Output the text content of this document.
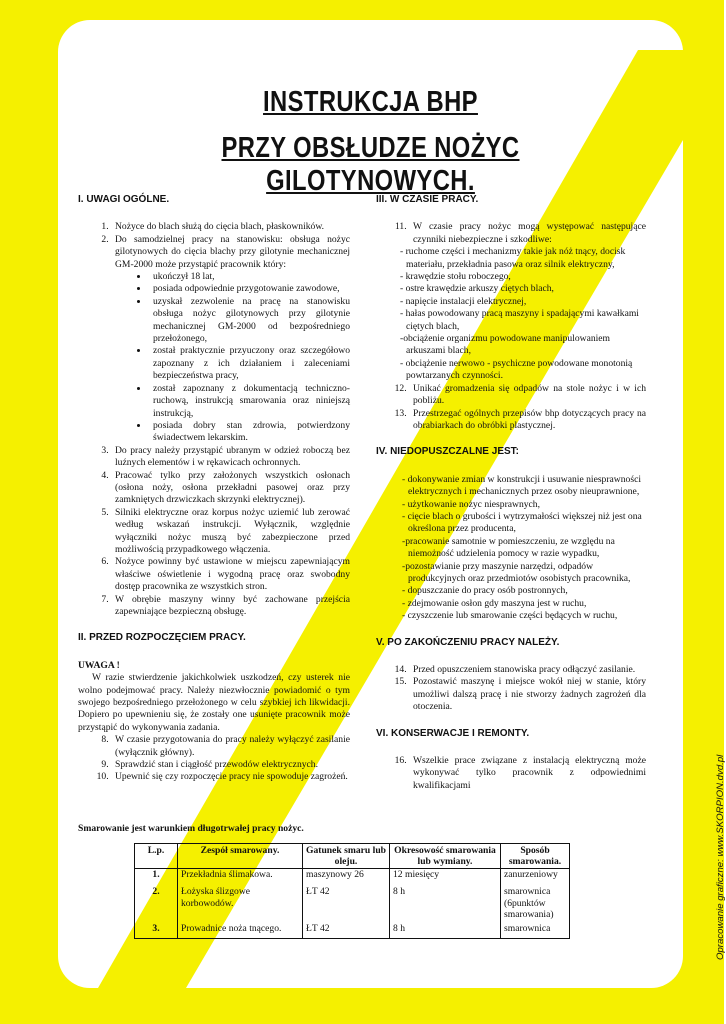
INSTRUKCJA BHP
PRZY OBSŁUDZE NOŻYC GILOTYNOWYCH.
I. UWAGI OGÓLNE.
1. Nożyce do blach służą do cięcia blach, płaskowników.
2. Do samodzielnej pracy na stanowisku: obsługa nożyc gilotynowych do cięcia blachy przy gilotynie mechanicznej GM-2000 może przystąpić pracownik który:
• ukończył 18 lat,
• posiada odpowiednie przygotowanie zawodowe,
• uzyskał zezwolenie na pracę na stanowisku obsługa nożyc gilotynowych przy gilotynie mechanicznej GM-2000 od bezpośredniego przełożonego,
• został praktycznie przyuczony oraz szczegółowo zapoznany z ich działaniem i zaleceniami bezpieczeństwa pracy,
• został zapoznany z dokumentacją techniczno-ruchową, instrukcją smarowania oraz niniejszą instrukcją,
• posiada dobry stan zdrowia, potwierdzony świadectwem lekarskim.
3. Do pracy należy przystąpić ubranym w odzież roboczą bez luźnych elementów i w rękawicach ochronnych.
4. Pracować tylko przy założonych wszystkich osłonach (osłona noży, osłona przekładni pasowej oraz przy zamkniętych drzwiczkach skrzynki elektrycznej).
5. Silniki elektryczne oraz korpus nożyc uziemić lub zerować według wskazań instrukcji. Wyłącznik, względnie wyłączniki nożyc muszą być zabezpieczone przed możliwością przypadkowego włączenia.
6. Nożyce powinny być ustawione w miejscu zapewniającym właściwe oświetlenie i wygodną pracę oraz swobodny dostęp pracownika ze wszystkich stron.
7. W obrębie maszyny winny być zachowane przejścia zapewniające bezpieczną obsługę.
II. PRZED ROZPOCZĘCIEM PRACY.
UWAGA !
W razie stwierdzenie jakichkolwiek uszkodzeń, czy usterek nie wolno podejmować pracy. Należy niezwłocznie powiadomić o tym swojego bezpośredniego przełożonego w celu szybkiej ich likwidacji. Dopiero po upewnieniu się, że zostały one usunięte pracownik może przystąpić do wykonywania zadania.
8. W czasie przygotowania do pracy należy wyłączyć zasilanie (wyłącznik główny).
9. Sprawdzić stan i ciągłość przewodów elektrycznych.
10. Upewnić się czy rozpoczęcie pracy nie spowoduje zagrożeń.
III. W CZASIE PRACY.
11. W czasie pracy nożyc mogą występować następujące czynniki niebezpieczne i szkodliwe:
- ruchome części i mechanizmy takie jak nóż tnący, docisk materiału, przekładnia pasowa oraz silnik elektryczny,
- krawędzie stołu roboczego,
- ostre krawędzie arkuszy ciętych blach,
- napięcie instalacji elektrycznej,
- hałas powodowany pracą maszyny i spadającymi kawałkami ciętych blach,
-obciążenie organizmu powodowane manipulowaniem arkuszami blach,
- obciążenie nerwowo - psychiczne powodowane monotonią powtarzanych czynności.
12. Unikać gromadzenia się odpadów na stole nożyc i w ich pobliżu.
13. Przestrzegać ogólnych przepisów bhp dotyczących pracy na obrabiarkach do obróbki plastycznej.
IV. NIEDOPUSZCZALNE JEST:
- dokonywanie zmian w konstrukcji i usuwanie niesprawności elektrycznych i mechanicznych przez osoby nieuprawnione,
- użytkowanie nożyc niesprawnych,
- cięcie blach o grubości i wytrzymałości większej niż jest ona określona przez producenta,
-pracowanie samotnie w pomieszczeniu, ze względu na niemożność udzielenia pomocy w razie wypadku,
-pozostawianie przy maszynie narzędzi, odpadów produkcyjnych oraz przedmiotów osobistych pracownika,
- dopuszczanie do pracy osób postronnych,
- zdejmowanie osłon gdy maszyna jest w ruchu,
- czyszczenie lub smarowanie części będących w ruchu,
V. PO ZAKOŃCZENIU PRACY NALEŻY.
14. Przed opuszczeniem stanowiska pracy odłączyć zasilanie.
15. Pozostawić maszynę i miejsce wokół niej w stanie, który umożliwi dalszą pracę i nie stworzy żadnych zagrożeń dla otoczenia.
VI. KONSERWACJE I REMONTY.
16. Wszelkie prace związane z instalacją elektryczną może wykonywać tylko pracownik z odpowiednimi kwalifikacjami
Smarowanie jest warunkiem długotrwałej pracy nożyc.
L.p.	Zespół smarowany.	Gatunek smaru lub oleju.	Okresowość smarowania lub wymiany.	Sposób smarowania.
1.	Przekładnia ślimakowa.	maszynowy 26	12 miesięcy	zanurzeniowy
2.	Łożyska ślizgowe korbowodów.	ŁT 42	8 h	smarownica (6punktów smarowania)
3.	Prowadnice noża tnącego.	ŁT 42	8 h	smarownica	Opracowanie graficzne: www.SKORPION.dvd.pl
